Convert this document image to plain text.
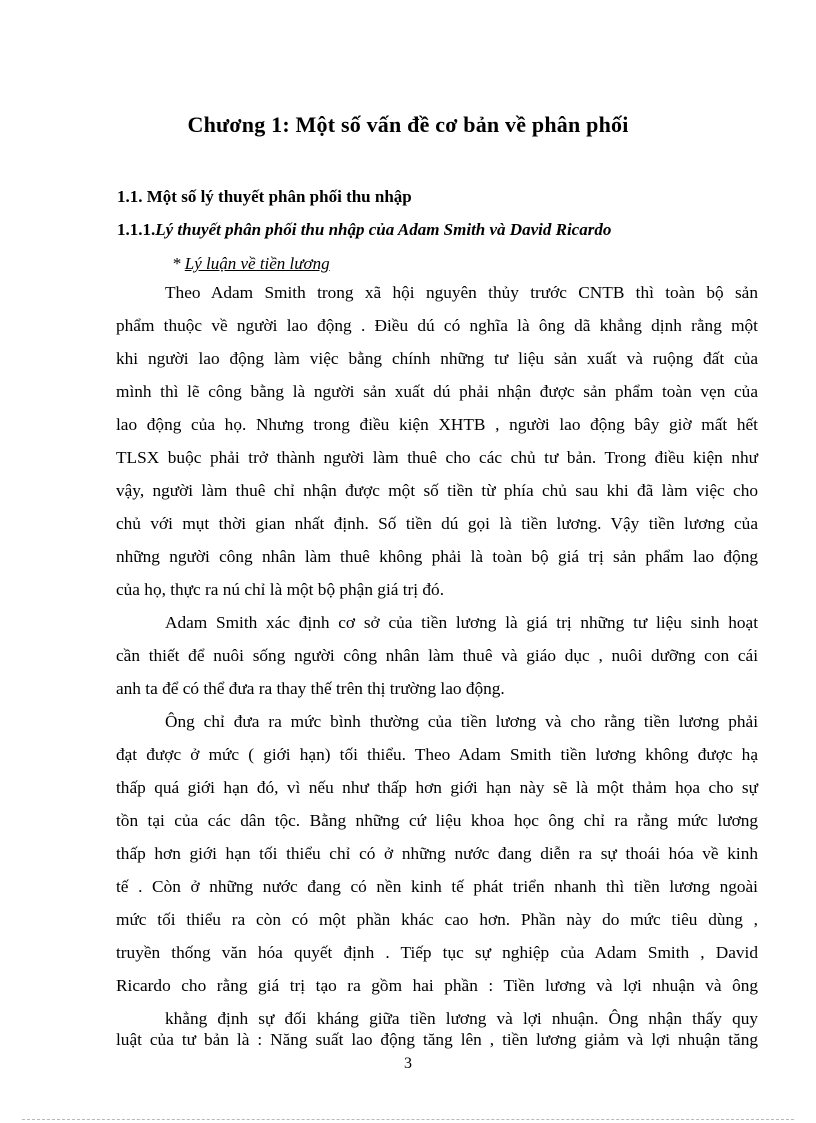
Chương 1: Một số vấn đề cơ bản về phân phối
1.1. Một số lý thuyết phân phối thu nhập
1.1.1.Lý thuyết phân phối thu nhập của Adam Smith và David Ricardo
* Lý luận về tiền lương
Theo Adam Smith trong xã hội nguyên thủy trước CNTB thì toàn bộ sản
phẩm thuộc về người lao động . Điều dú có nghĩa là ông dã khẳng dịnh rằng một
khi người lao động làm việc bằng chính những tư liệu sản xuất và ruộng đất của
mình thì lẽ công bằng là người sản xuất dú phải nhận được sản phẩm toàn vẹn của
lao động của họ. Nhưng trong điều kiện XHTB , người lao động bây giờ mất hết
TLSX buộc phải trở thành người làm thuê cho các chủ tư bản. Trong điều kiện như
vậy, người làm thuê chỉ nhận được một số tiền từ phía chủ sau khi đã làm việc cho
chủ với mụt thời gian nhất định. Số tiền dú gọi là tiền lương. Vậy tiền lương của
những người công nhân làm thuê không phải là toàn bộ giá trị sản phẩm lao động
của họ, thực ra nú chỉ là một bộ phận giá trị đó.
Adam Smith xác định cơ sở của tiền lương là giá trị những tư liệu sinh hoạt
cần thiết để nuôi sống người công nhân làm thuê và giáo dục , nuôi dưỡng con cái
anh ta để có thể đưa ra thay thế trên thị trường lao động.
Ông chỉ đưa ra mức bình thường của tiền lương và cho rằng tiền lương phải
đạt được ở mức ( giới hạn) tối thiểu. Theo Adam Smith tiền lương không được hạ
thấp quá giới hạn đó, vì nếu như thấp hơn giới hạn này sẽ là một thảm họa cho sự
tồn tại của các dân tộc. Bằng những cứ liệu khoa học ông chỉ ra rằng mức lương
thấp hơn giới hạn tối thiểu chỉ có ở những nước đang diễn ra sự thoái hóa về kinh
tế . Còn ở những nước đang có nền kinh tế phát triển nhanh thì tiền lương ngoài
mức tối thiểu ra còn có một phần khác cao hơn. Phần này do mức tiêu dùng ,
truyền thống văn hóa quyết định . Tiếp tục sự nghiệp của Adam Smith , David
Ricardo cho rằng giá trị tạo ra gồm hai phần : Tiền lương và lợi nhuận và ông
khẳng định sự đối kháng giữa tiền lương và lợi nhuận. Ông nhận thấy quy
luật của tư bản là : Năng suất lao động tăng lên , tiền lương giảm và lợi nhuận tăng
3
